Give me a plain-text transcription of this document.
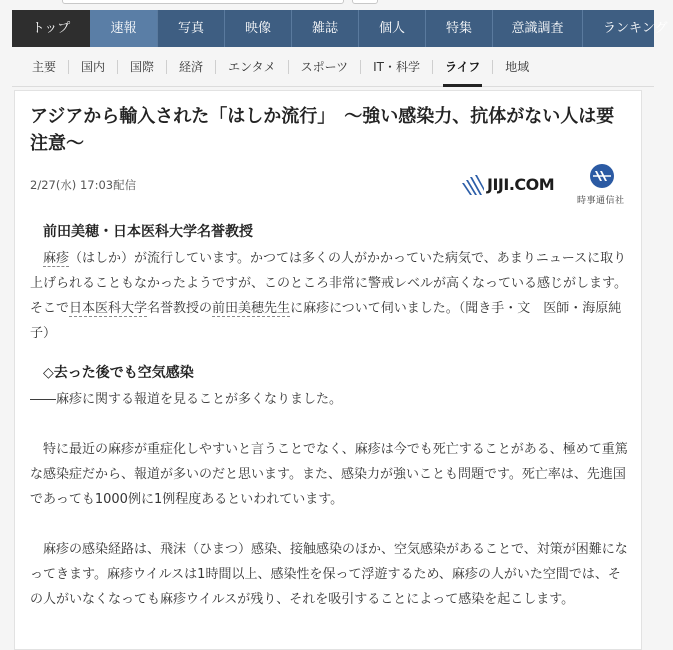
トップ	速報	写真	映像	雑誌	個人	特集	意識調査	ランキング
主要	国内	国際	経済	エンタメ	スポーツ	IT・科学	ライフ	地域
アジアから輸入された「はしか流行」　〜強い感染力、抗体がない人は要注意〜
2/27(水) 17:03配信	JIJI.COM
時事通信社
前田美穂・日本医科大学名誉教授

　麻疹（はしか）が流行しています。かつては多くの人がかかっていた病気で、あまりニュースに取り上げられることもなかったようですが、このところ非常に警戒レベルが高くなっている感じがします。そこで日本医科大学名誉教授の前田美穂先生に麻疹について伺いました。（聞き手・文　医師・海原純子）

◇去った後でも空気感染

――麻疹に関する報道を見ることが多くなりました。

　特に最近の麻疹が重症化しやすいと言うことでなく、麻疹は今でも死亡することがある、極めて重篤な感染症だから、報道が多いのだと思います。また、感染力が強いことも問題です。死亡率は、先進国であっても1000例に1例程度あるといわれています。

　麻疹の感染経路は、飛沫（ひまつ）感染、接触感染のほか、空気感染があることで、対策が困難になってきます。麻疹ウイルスは1時間以上、感染性を保って浮遊するため、麻疹の人がいた空間では、その人がいなくなっても麻疹ウイルスが残り、それを吸引することによって感染を起こします。
